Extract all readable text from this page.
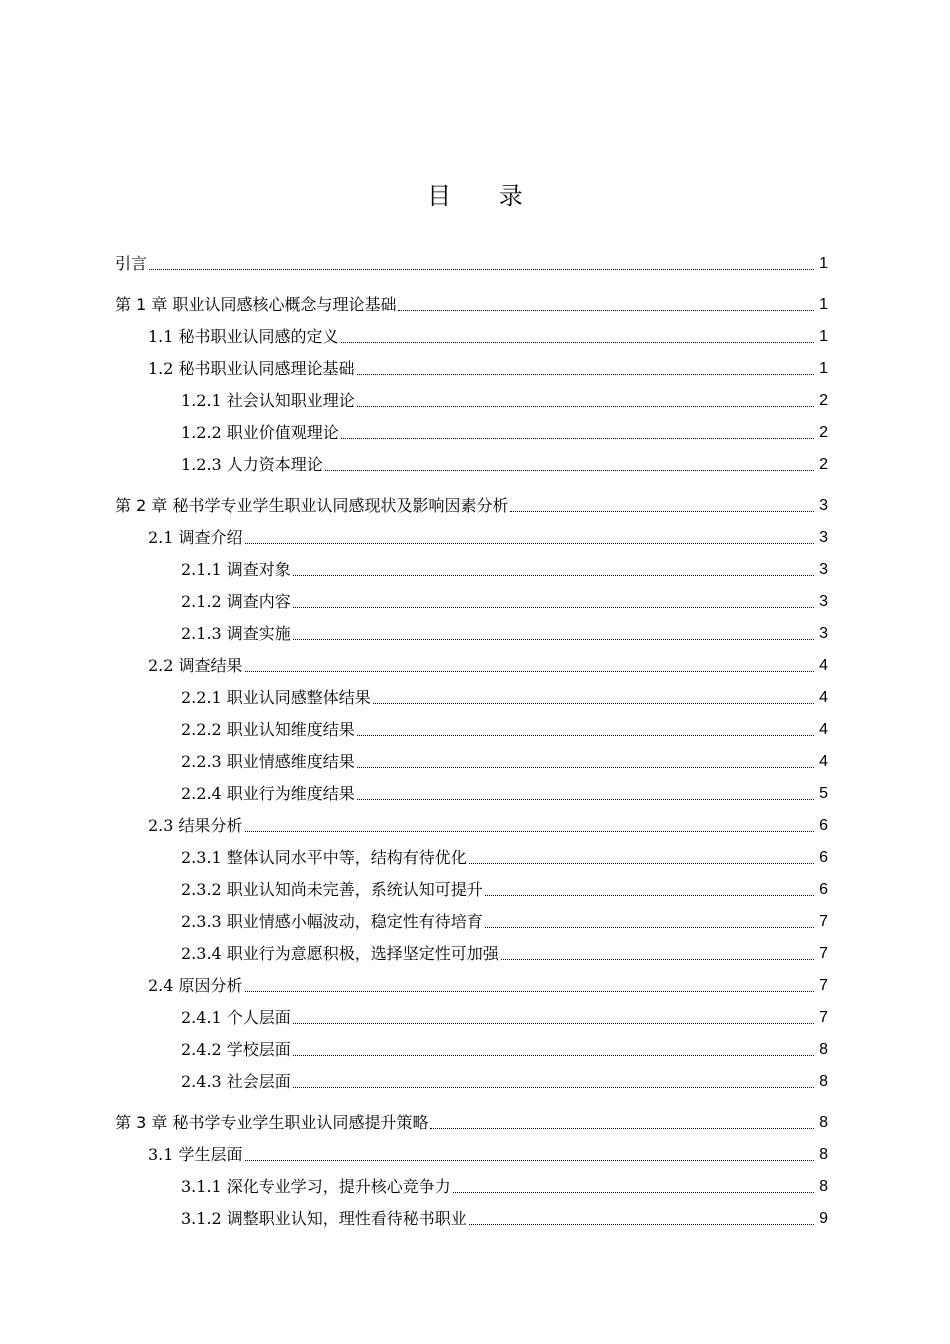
目 录
引言	1
第 1 章 职业认同感核心概念与理论基础	1
1.1 秘书职业认同感的定义	1
1.2 秘书职业认同感理论基础	1
1.2.1 社会认知职业理论	2
1.2.2 职业价值观理论	2
1.2.3 人力资本理论	2
第 2 章 秘书学专业学生职业认同感现状及影响因素分析	3
2.1 调查介绍	3
2.1.1 调查对象	3
2.1.2 调查内容	3
2.1.3 调查实施	3
2.2 调查结果	4
2.2.1 职业认同感整体结果	4
2.2.2 职业认知维度结果	4
2.2.3 职业情感维度结果	4
2.2.4 职业行为维度结果	5
2.3 结果分析	6
2.3.1 整体认同水平中等，结构有待优化	6
2.3.2 职业认知尚未完善，系统认知可提升	6
2.3.3 职业情感小幅波动，稳定性有待培育	7
2.3.4 职业行为意愿积极，选择坚定性可加强	7
2.4 原因分析	7
2.4.1 个人层面	7
2.4.2 学校层面	8
2.4.3 社会层面	8
第 3 章 秘书学专业学生职业认同感提升策略	8
3.1 学生层面	8
3.1.1 深化专业学习，提升核心竞争力	8
3.1.2 调整职业认知，理性看待秘书职业	9
